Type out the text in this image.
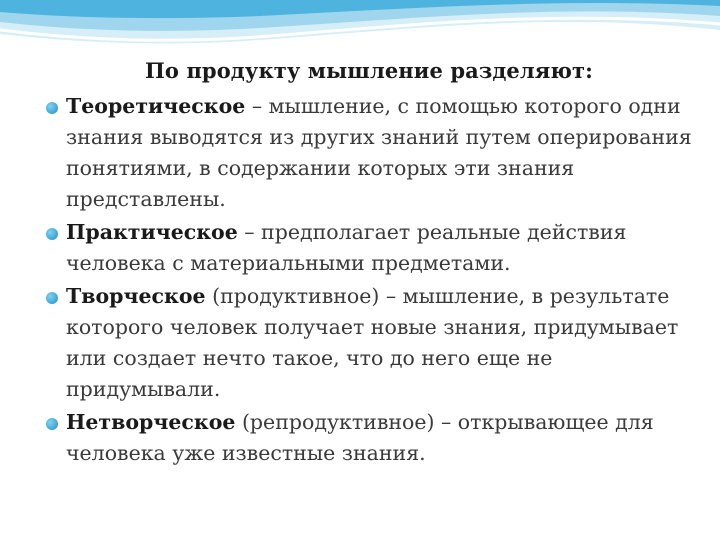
По продукту мышление разделяют:
Теоретическое – мышление, с помощью которого одни знания выводятся из других знаний путем оперирования понятиями, в содержании которых эти знания представлены.
Практическое – предполагает реальные действия человека с материальными предметами.
Творческое (продуктивное) – мышление, в результате которого человек получает новые знания, придумывает или создает нечто такое, что до него еще не придумывали.
Нетворческое (репродуктивное) – открывающее для человека уже известные знания.
